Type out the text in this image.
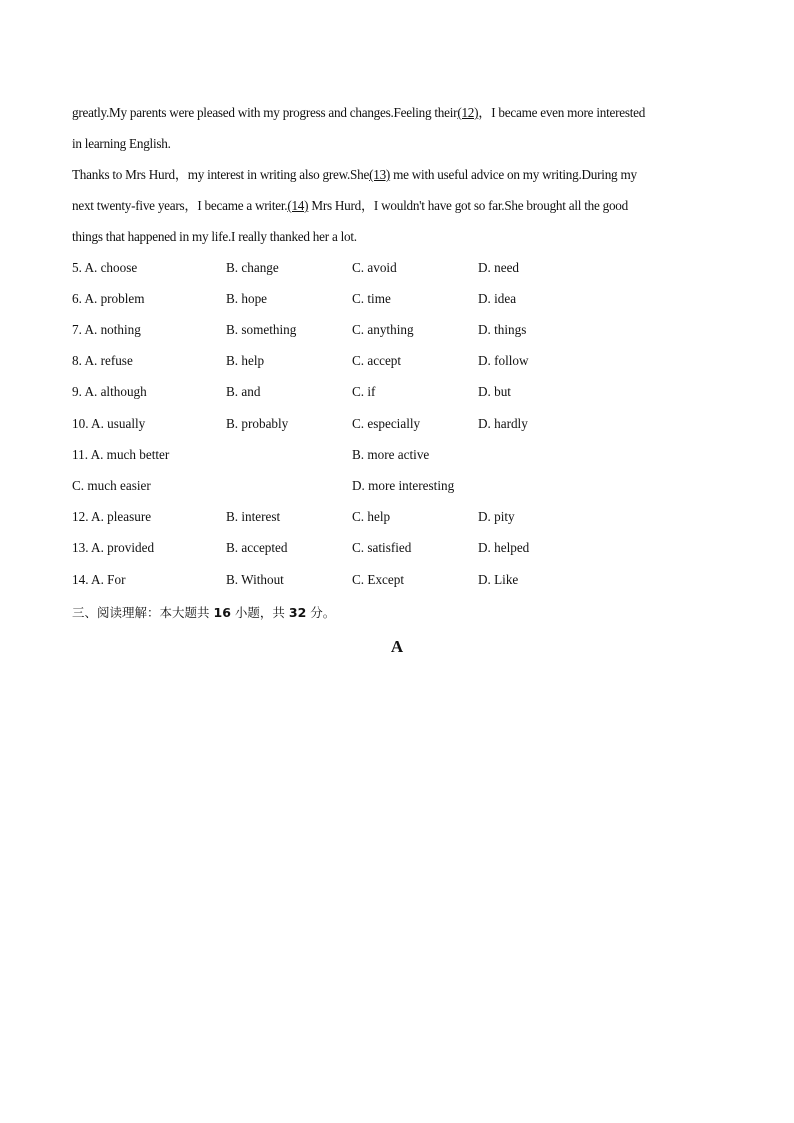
greatly.My parents were pleased with my progress and changes.Feeling their(12)，I became even more interested

in learning English.

Thanks to Mrs Hurd，my interest in writing also grew.She(13) me with useful advice on my writing.During my

next twenty-five years，I became a writer.(14) Mrs Hurd，I wouldn't have got so far.She brought all the good

things that happened in my life.I really thanked her a lot.

5. A. choose	B. change	C. avoid	D. need
6. A. problem	B. hope	C. time	D. idea
7. A. nothing	B. something	C. anything	D. things
8. A. refuse	B. help	C. accept	D. follow
9. A. although	B. and	C. if	D. but
10. A. usually	B. probably	C. especially	D. hardly
11. A. much better	B. more active
C. much easier	D. more interesting
12. A. pleasure	B. interest	C. help	D. pity
13. A. provided	B. accepted	C. satisfied	D. helped
14. A. For	B. Without	C. Except	D. Like
三、阅读理解：本大题共 16 小题，共 32 分。
A
